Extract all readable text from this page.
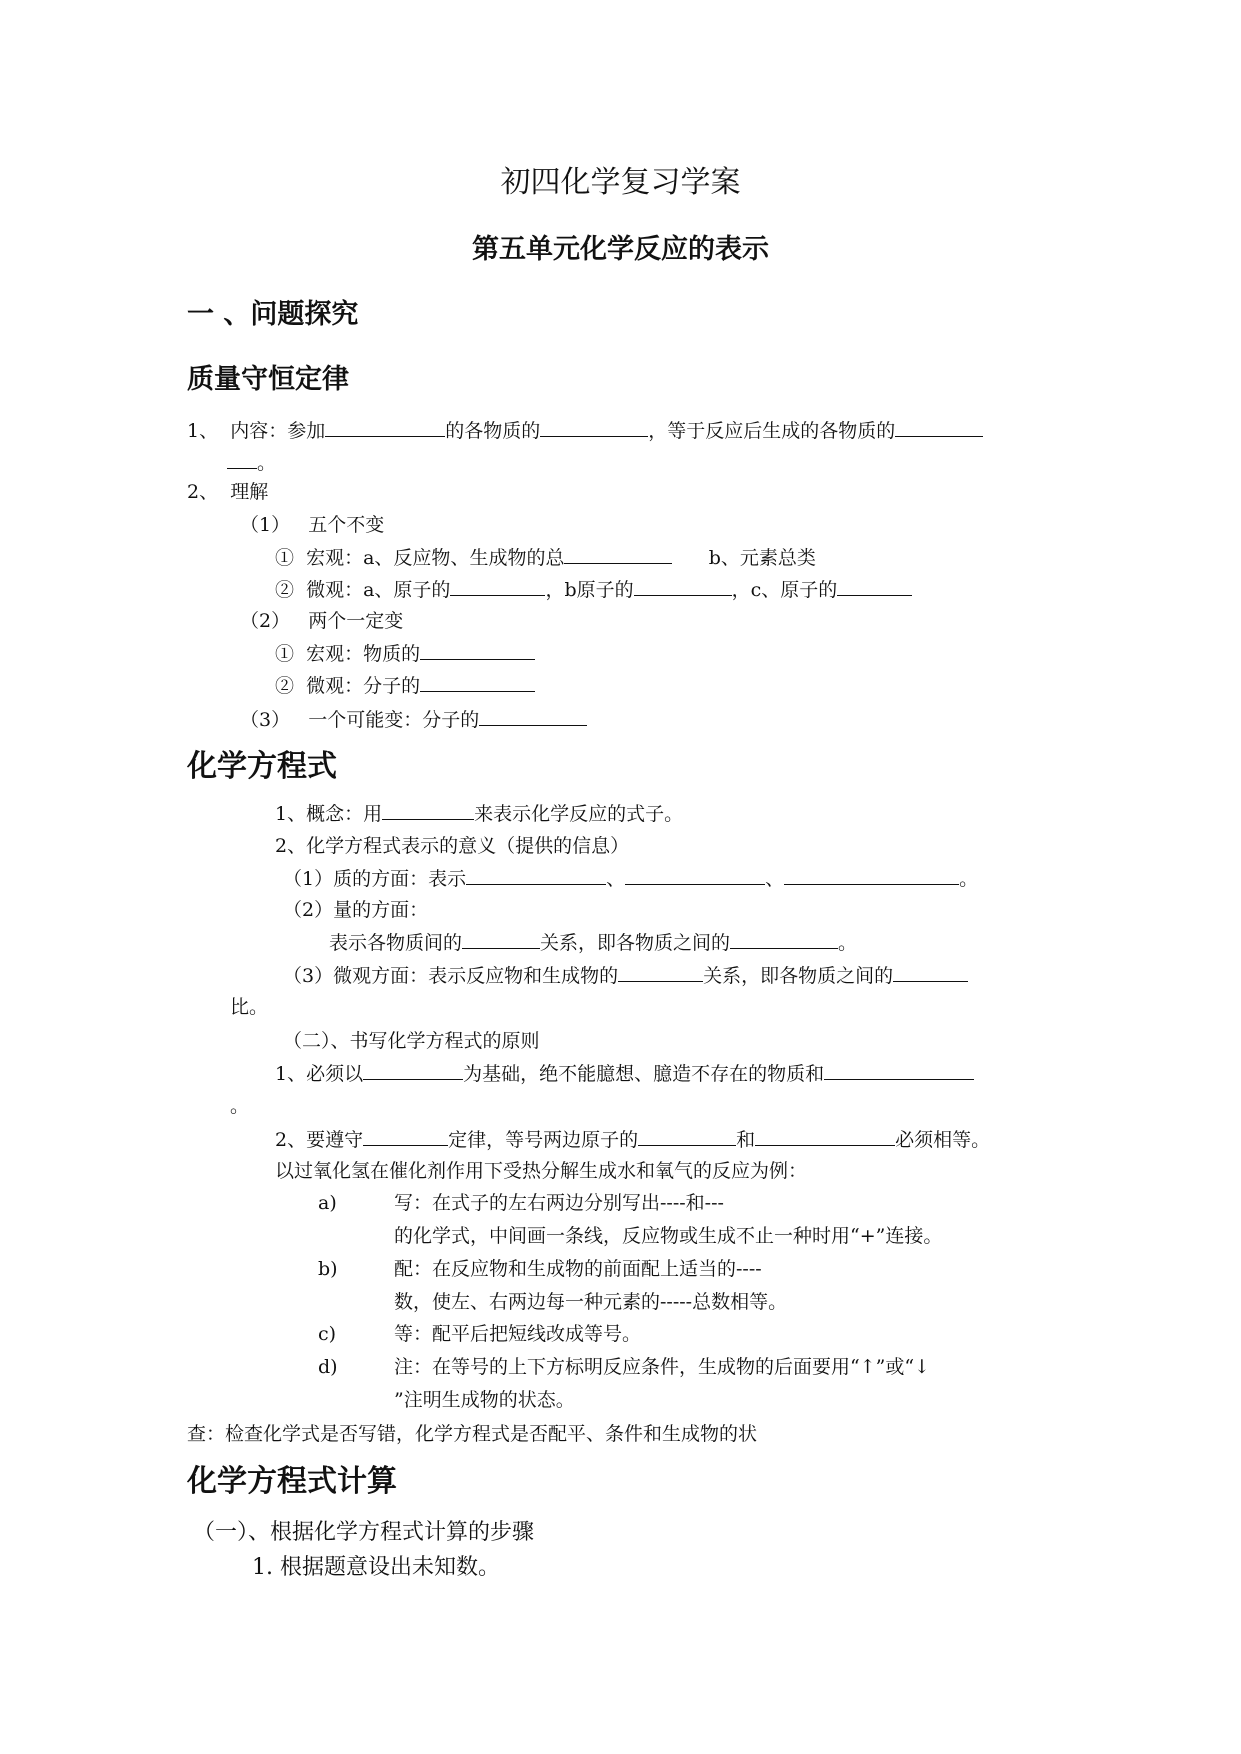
初四化学复习学案
第五单元化学反应的表示
一 、问题探究
质量守恒定律
1、 内容：参加	的各物质的	，等于反应后生成的各物质的
。
2、 理解
（1） 五个不变
① 宏观：a、反应物、生成物的总	b、元素总类
② 微观：a、原子的	，b原子的	，c、原子的
（2） 两个一定变
① 宏观：物质的
② 微观：分子的
（3） 一个可能变：分子的
化学方程式
1、概念：用	来表示化学反应的式子。
2、化学方程式表示的意义（提供的信息）
（1）质的方面：表示	、	、	。
（2）量的方面：
表示各物质间的	关系，即各物质之间的	。
（3）微观方面：表示反应物和生成物的	关系，即各物质之间的
比。
（二）、书写化学方程式的原则
1、必须以	为基础，绝不能臆想、臆造不存在的物质和
。
2、要遵守	定律，等号两边原子的	和	必须相等。
以过氧化氢在催化剂作用下受热分解生成水和氧气的反应为例：
a)	写：在式子的左右两边分别写出----和---
的化学式，中间画一条线，反应物或生成不止一种时用“+”连接。
b)	配：在反应物和生成物的前面配上适当的----
数，使左、右两边每一种元素的-----总数相等。
c)	等：配平后把短线改成等号。
d)	注：在等号的上下方标明反应条件，生成物的后面要用“↑”或“↓
”注明生成物的状态。
查：检查化学式是否写错，化学方程式是否配平、条件和生成物的状
化学方程式计算
（一）、根据化学方程式计算的步骤
1. 根据题意设出未知数。
